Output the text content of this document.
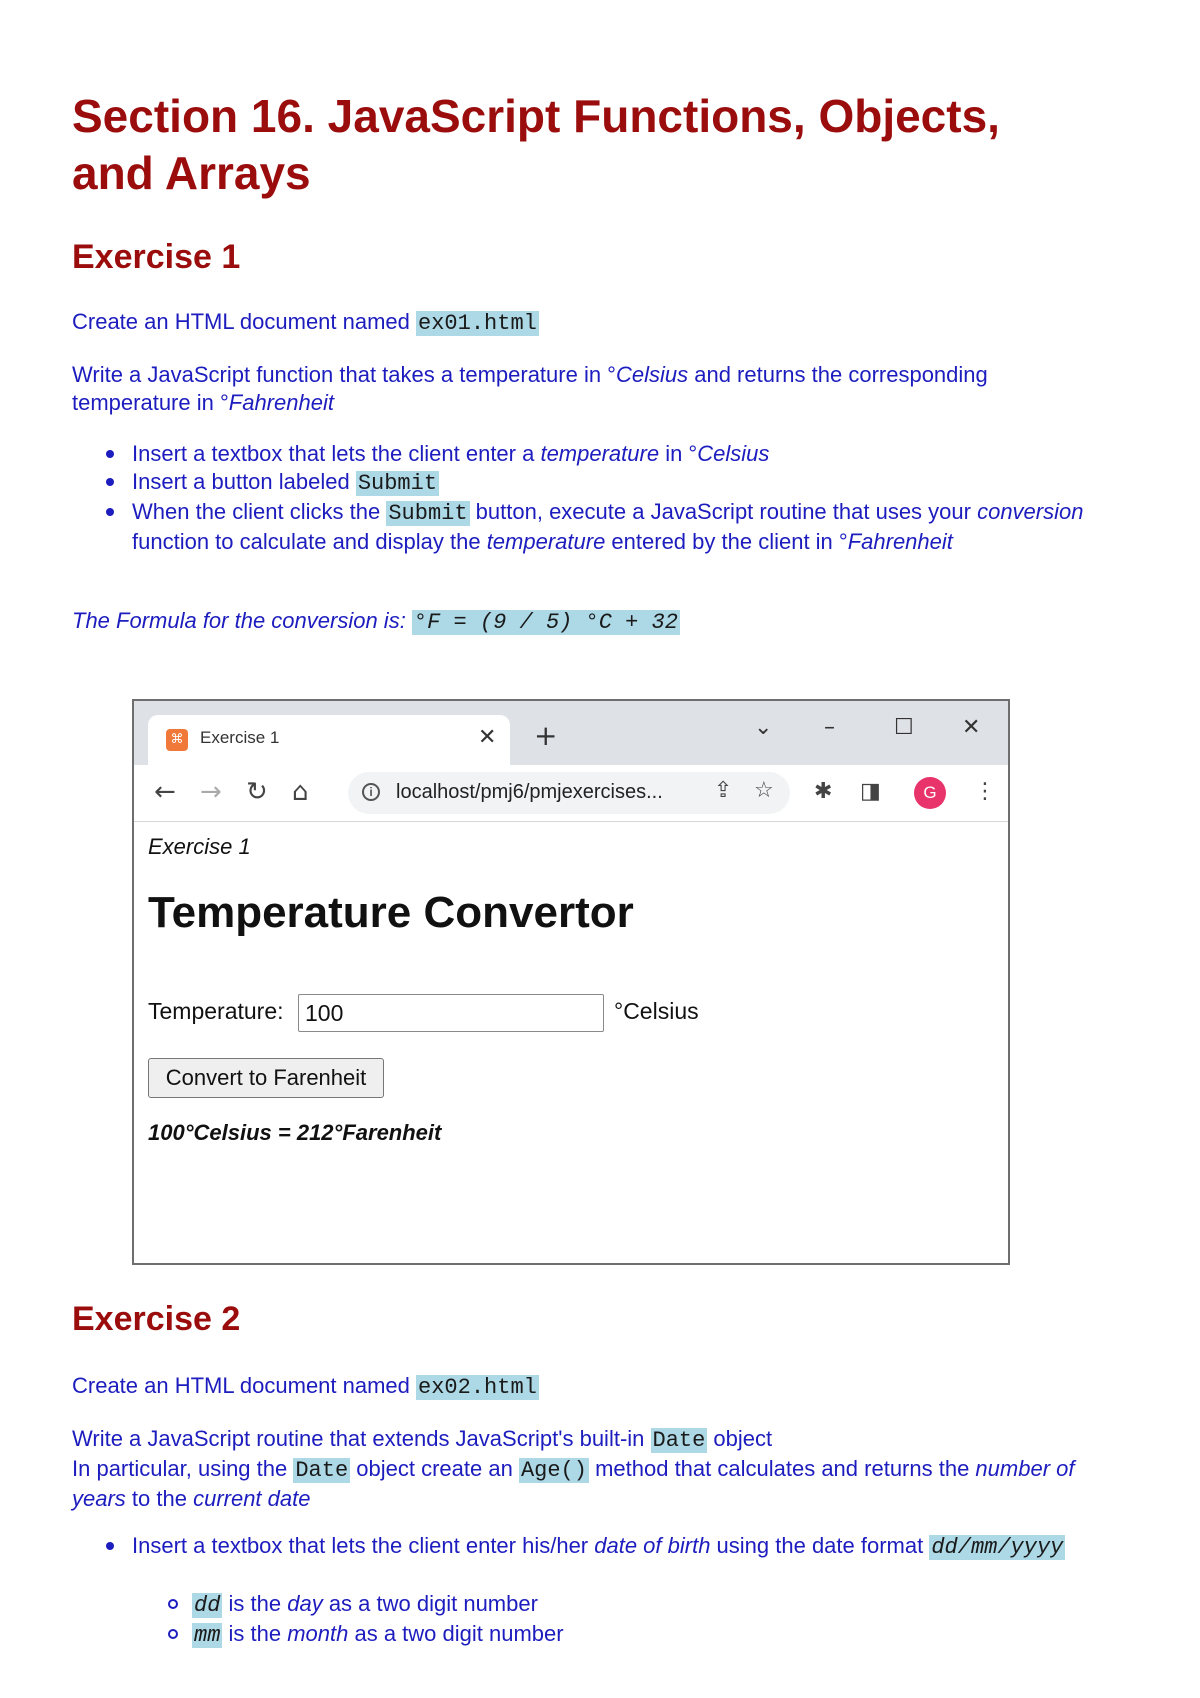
Section 16. JavaScript Functions, Objects, and Arrays
Exercise 1

Create an HTML document named ex01.html

Write a JavaScript function that takes a temperature in °Celsius and returns the corresponding temperature in °Fahrenheit

Insert a textbox that lets the client enter a temperature in °Celsius
Insert a button labeled Submit
When the client clicks the Submit button, execute a JavaScript routine that uses your conversion function to calculate and display the temperature entered by the client in °Fahrenheit

The Formula for the conversion is: °F = (9 / 5) °C + 32

Exercise 2

Create an HTML document named ex02.html

Write a JavaScript routine that extends JavaScript's built-in Date object
In particular, using the Date object create an Age() method that calculates and returns the number of years to the current date

Insert a textbox that lets the client enter his/her date of birth using the date format dd/mm/yyyy
dd is the day as a two digit number
mm is the month as a two digit number
⌘ Exercise 1	✕ +	⌄ –	☐ ✕
← → ↻ ⌂	i	localhost/pmj6/pmjexercises... ⇪ ☆ ✱ ◨	G	⋮
Exercise 1
Temperature Convertor
Temperature:
100	°Celsius
Convert to Farenheit
100°Celsius = 212°Farenheit
